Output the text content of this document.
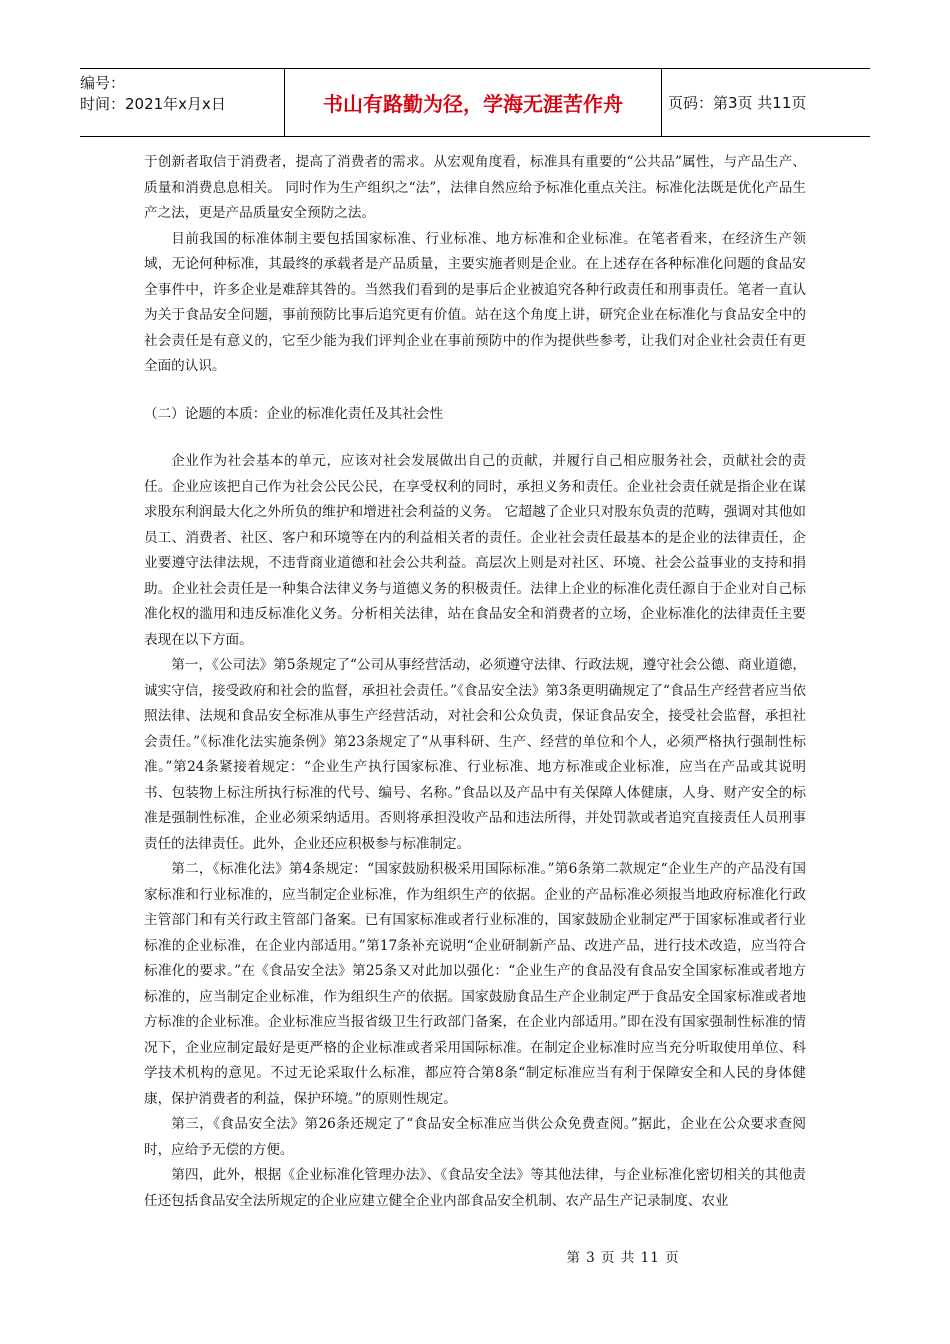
编号：
时间：2021年x月x日	书山有路勤为径，学海无涯苦作舟	页码：第3页 共11页

于创新者取信于消费者，提高了消费者的需求。从宏观角度看，标准具有重要的“公共品”属性，与产品生产、质量和消费息息相关。 同时作为生产组织之“法”，法律自然应给予标准化重点关注。标准化法既是优化产品生产之法，更是产品质量安全预防之法。

目前我国的标准体制主要包括国家标准、行业标准、地方标准和企业标准。在笔者看来，在经济生产领域，无论何种标准，其最终的承载者是产品质量，主要实施者则是企业。在上述存在各种标准化问题的食品安全事件中，许多企业是难辞其咎的。当然我们看到的是事后企业被追究各种行政责任和刑事责任。笔者一直认为关于食品安全问题，事前预防比事后追究更有价值。站在这个角度上讲，研究企业在标准化与食品安全中的社会责任是有意义的，它至少能为我们评判企业在事前预防中的作为提供些参考，让我们对企业社会责任有更全面的认识。

（二）论题的本质：企业的标准化责任及其社会性

企业作为社会基本的单元，应该对社会发展做出自己的贡献，并履行自己相应服务社会，贡献社会的责任。企业应该把自己作为社会公民公民，在享受权利的同时，承担义务和责任。企业社会责任就是指企业在谋求股东利润最大化之外所负的维护和增进社会利益的义务。 它超越了企业只对股东负责的范畴，强调对其他如员工、消费者、社区、客户和环境等在内的利益相关者的责任。企业社会责任最基本的是企业的法律责任，企业要遵守法律法规，不违背商业道德和社会公共利益。高层次上则是对社区、环境、社会公益事业的支持和捐助。企业社会责任是一种集合法律义务与道德义务的积极责任。法律上企业的标准化责任源自于企业对自己标准化权的滥用和违反标准化义务。分析相关法律，站在食品安全和消费者的立场，企业标准化的法律责任主要表现在以下方面。

第一，《公司法》第5条规定了“公司从事经营活动，必须遵守法律、行政法规，遵守社会公德、商业道德，诚实守信，接受政府和社会的监督，承担社会责任。”《食品安全法》第3条更明确规定了“食品生产经营者应当依照法律、法规和食品安全标准从事生产经营活动，对社会和公众负责，保证食品安全，接受社会监督，承担社会责任。”《标准化法实施条例》第23条规定了“从事科研、生产、经营的单位和个人，必须严格执行强制性标准。”第24条紧接着规定：“企业生产执行国家标准、行业标准、地方标准或企业标准，应当在产品或其说明书、包装物上标注所执行标准的代号、编号、名称。”食品以及产品中有关保障人体健康，人身、财产安全的标准是强制性标准，企业必须采纳适用。否则将承担没收产品和违法所得，并处罚款或者追究直接责任人员刑事责任的法律责任。此外，企业还应积极参与标准制定。

第二，《标准化法》第4条规定：“国家鼓励积极采用国际标准。”第6条第二款规定“企业生产的产品没有国家标准和行业标准的，应当制定企业标准，作为组织生产的依据。企业的产品标准必须报当地政府标准化行政主管部门和有关行政主管部门备案。已有国家标准或者行业标准的，国家鼓励企业制定严于国家标准或者行业标准的企业标准，在企业内部适用。”第17条补充说明“企业研制新产品、改进产品，进行技术改造，应当符合标准化的要求。”在《食品安全法》第25条又对此加以强化：“企业生产的食品没有食品安全国家标准或者地方标准的，应当制定企业标准，作为组织生产的依据。国家鼓励食品生产企业制定严于食品安全国家标准或者地方标准的企业标准。企业标准应当报省级卫生行政部门备案，在企业内部适用。”即在没有国家强制性标准的情况下，企业应制定最好是更严格的企业标准或者采用国际标准。在制定企业标准时应当充分听取使用单位、科学技术机构的意见。不过无论采取什么标准，都应符合第8条“制定标准应当有利于保障安全和人民的身体健康，保护消费者的利益，保护环境。”的原则性规定。

第三，《食品安全法》第26条还规定了“食品安全标准应当供公众免费查阅。”据此，企业在公众要求查阅时，应给予无偿的方便。

第四，此外，根据《企业标准化管理办法》、《食品安全法》等其他法律，与企业标准化密切相关的其他责任还包括食品安全法所规定的企业应建立健全企业内部食品安全机制、农产品生产记录制度、农业

第 3 页 共 11 页
